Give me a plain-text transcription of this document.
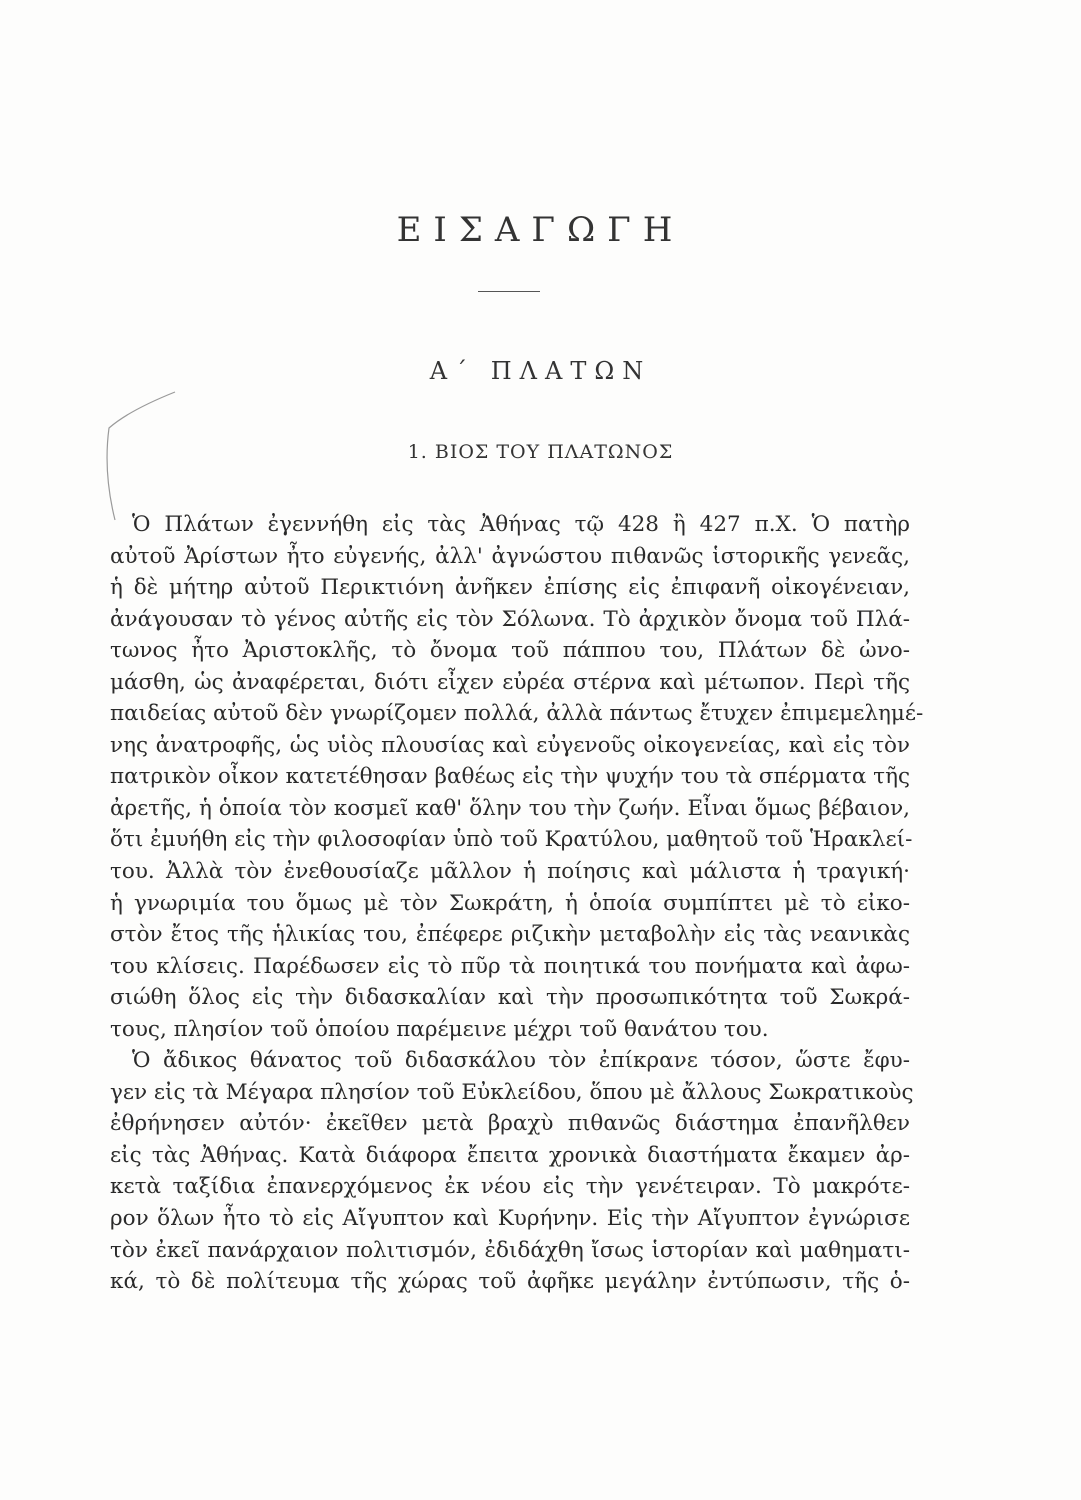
ΕΙΣΑΓΩΓΗ
Α΄ ΠΛΑΤΩΝ
1. ΒΙΟΣ ΤΟΥ ΠΛΑΤΩΝΟΣ
Ὁ Πλάτων ἐγεννήθη εἰς τὰς Ἀθήνας τῷ 428 ἢ 427 π.Χ. Ὁ πατὴρ
αὐτοῦ Ἀρίστων ἦτο εὐγενής, ἀλλ' ἀγνώστου πιθανῶς ἱστορικῆς γενεᾶς,
ἡ δὲ μήτηρ αὐτοῦ Περικτιόνη ἀνῆκεν ἐπίσης εἰς ἐπιφανῆ οἰκογένειαν,
ἀνάγουσαν τὸ γένος αὐτῆς εἰς τὸν Σόλωνα. Τὸ ἀρχικὸν ὄνομα τοῦ Πλά-
τωνος ἦτο Ἀριστοκλῆς, τὸ ὄνομα τοῦ πάππου του, Πλάτων δὲ ὠνο-
μάσθη, ὡς ἀναφέρεται, διότι εἶχεν εὐρέα στέρνα καὶ μέτωπον. Περὶ τῆς
παιδείας αὐτοῦ δὲν γνωρίζομεν πολλά, ἀλλὰ πάντως ἔτυχεν ἐπιμεμελημέ-
νης ἀνατροφῆς, ὡς υἱὸς πλουσίας καὶ εὐγενοῦς οἰκογενείας, καὶ εἰς τὸν
πατρικὸν οἶκον κατετέθησαν βαθέως εἰς τὴν ψυχήν του τὰ σπέρματα τῆς
ἀρετῆς, ἡ ὁποία τὸν κοσμεῖ καθ' ὅλην του τὴν ζωήν. Εἶναι ὅμως βέβαιον,
ὅτι ἐμυήθη εἰς τὴν φιλοσοφίαν ὑπὸ τοῦ Κρατύλου, μαθητοῦ τοῦ Ἡρακλεί-
του. Ἀλλὰ τὸν ἐνεθουσίαζε μᾶλλον ἡ ποίησις καὶ μάλιστα ἡ τραγική·
ἡ γνωριμία του ὅμως μὲ τὸν Σωκράτη, ἡ ὁποία συμπίπτει μὲ τὸ εἰκο-
στὸν ἔτος τῆς ἡλικίας του, ἐπέφερε ριζικὴν μεταβολὴν εἰς τὰς νεανικὰς
του κλίσεις. Παρέδωσεν εἰς τὸ πῦρ τὰ ποιητικά του πονήματα καὶ ἀφω-
σιώθη ὅλος εἰς τὴν διδασκαλίαν καὶ τὴν προσωπικότητα τοῦ Σωκρά-
τους, πλησίον τοῦ ὁποίου παρέμεινε μέχρι τοῦ θανάτου του.
Ὁ ἄδικος θάνατος τοῦ διδασκάλου τὸν ἐπίκρανε τόσον, ὥστε ἔφυ-
γεν εἰς τὰ Μέγαρα πλησίον τοῦ Εὐκλείδου, ὅπου μὲ ἄλλους Σωκρατικοὺς
ἐθρήνησεν αὐτόν· ἐκεῖθεν μετὰ βραχὺ πιθανῶς διάστημα ἐπανῆλθεν
εἰς τὰς Ἀθήνας. Κατὰ διάφορα ἔπειτα χρονικὰ διαστήματα ἔκαμεν ἀρ-
κετὰ ταξίδια ἐπανερχόμενος ἐκ νέου εἰς τὴν γενέτειραν. Τὸ μακρότε-
ρον ὅλων ἦτο τὸ εἰς Αἴγυπτον καὶ Κυρήνην. Εἰς τὴν Αἴγυπτον ἐγνώρισε
τὸν ἐκεῖ πανάρχαιον πολιτισμόν, ἐδιδάχθη ἴσως ἱστορίαν καὶ μαθηματι-
κά, τὸ δὲ πολίτευμα τῆς χώρας τοῦ ἀφῆκε μεγάλην ἐντύπωσιν, τῆς ὁ-
